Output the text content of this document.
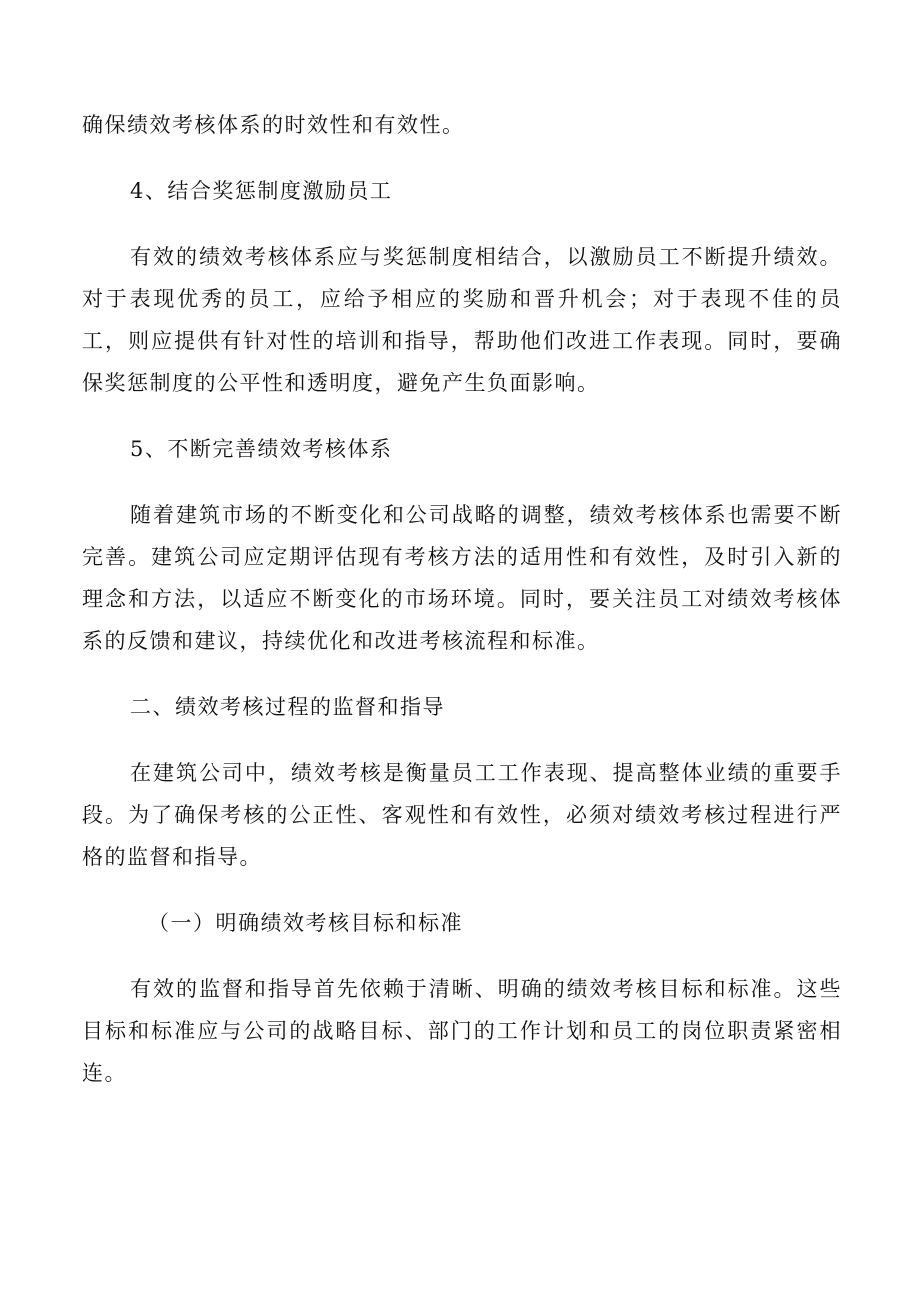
确保绩效考核体系的时效性和有效性。

4、结合奖惩制度激励员工

有效的绩效考核体系应与奖惩制度相结合，以激励员工不断提升绩效。对于表现优秀的员工，应给予相应的奖励和晋升机会；对于表现不佳的员工，则应提供有针对性的培训和指导，帮助他们改进工作表现。同时，要确保奖惩制度的公平性和透明度，避免产生负面影响。

5、不断完善绩效考核体系

随着建筑市场的不断变化和公司战略的调整，绩效考核体系也需要不断完善。建筑公司应定期评估现有考核方法的适用性和有效性，及时引入新的理念和方法，以适应不断变化的市场环境。同时，要关注员工对绩效考核体系的反馈和建议，持续优化和改进考核流程和标准。

二、绩效考核过程的监督和指导

在建筑公司中，绩效考核是衡量员工工作表现、提高整体业绩的重要手段。为了确保考核的公正性、客观性和有效性，必须对绩效考核过程进行严格的监督和指导。

（一）明确绩效考核目标和标准

有效的监督和指导首先依赖于清晰、明确的绩效考核目标和标准。这些目标和标准应与公司的战略目标、部门的工作计划和员工的岗位职责紧密相连。
